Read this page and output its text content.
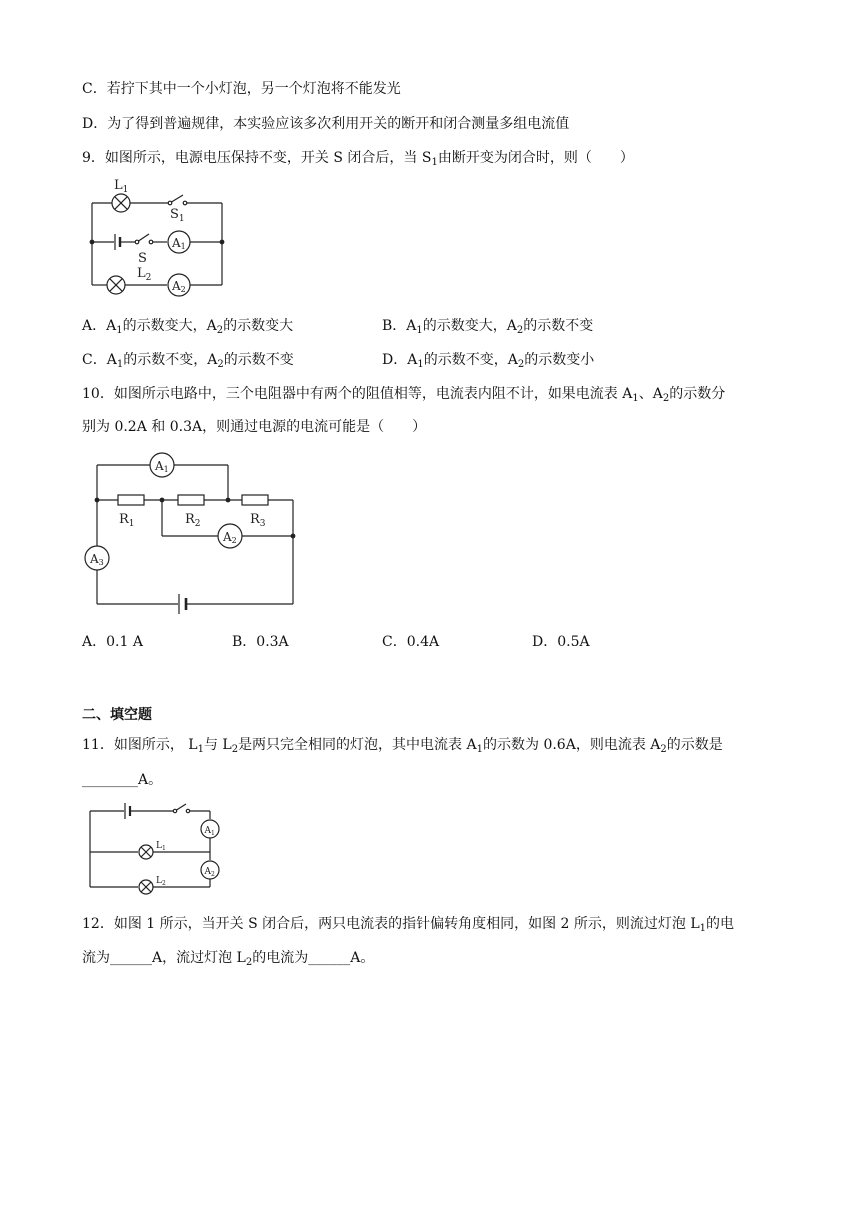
C．若拧下其中一个小灯泡，另一个灯泡将不能发光
D．为了得到普遍规律，本实验应该多次利用开关的断开和闭合测量多组电流值
9．如图所示，电源电压保持不变，开关 S 闭合后，当 $S_1$由断开变为闭合时，则（　　）
$L_1$
$S_1$
A1
S
A2
$L_2$
A．$A_1$的示数变大，$A_2$的示数变大	B．$A_1$的示数变大，$A_2$的示数不变
C．$A_1$的示数不变，$A_2$的示数不变	D．$A_1$的示数不变，$A_2$的示数变小
10．如图所示电路中，三个电阻器中有两个的阻值相等，电流表内阻不计，如果电流表 $A_1$、$A_2$的示数分
别为 0.2A 和 0.3A，则通过电源的电流可能是（　　）
A1
$R_1$	$R_2$	$R_3$
A2
A3
A．0.1 A	B．0.3A	C．0.4A	D．0.5A
二、填空题
11．如图所示， $L_1$与 $L_2$是两只完全相同的灯泡，其中电流表 $A_1$的示数为 0.6A，则电流表 $A_2$的示数是
________A。
$A_1$
$L_1$
$A_2$
$L_2$
12．如图 1 所示，当开关 S 闭合后，两只电流表的指针偏转角度相同，如图 2 所示，则流过灯泡 $L_1$的电
流为______A，流过灯泡 $L_2$的电流为______A。
